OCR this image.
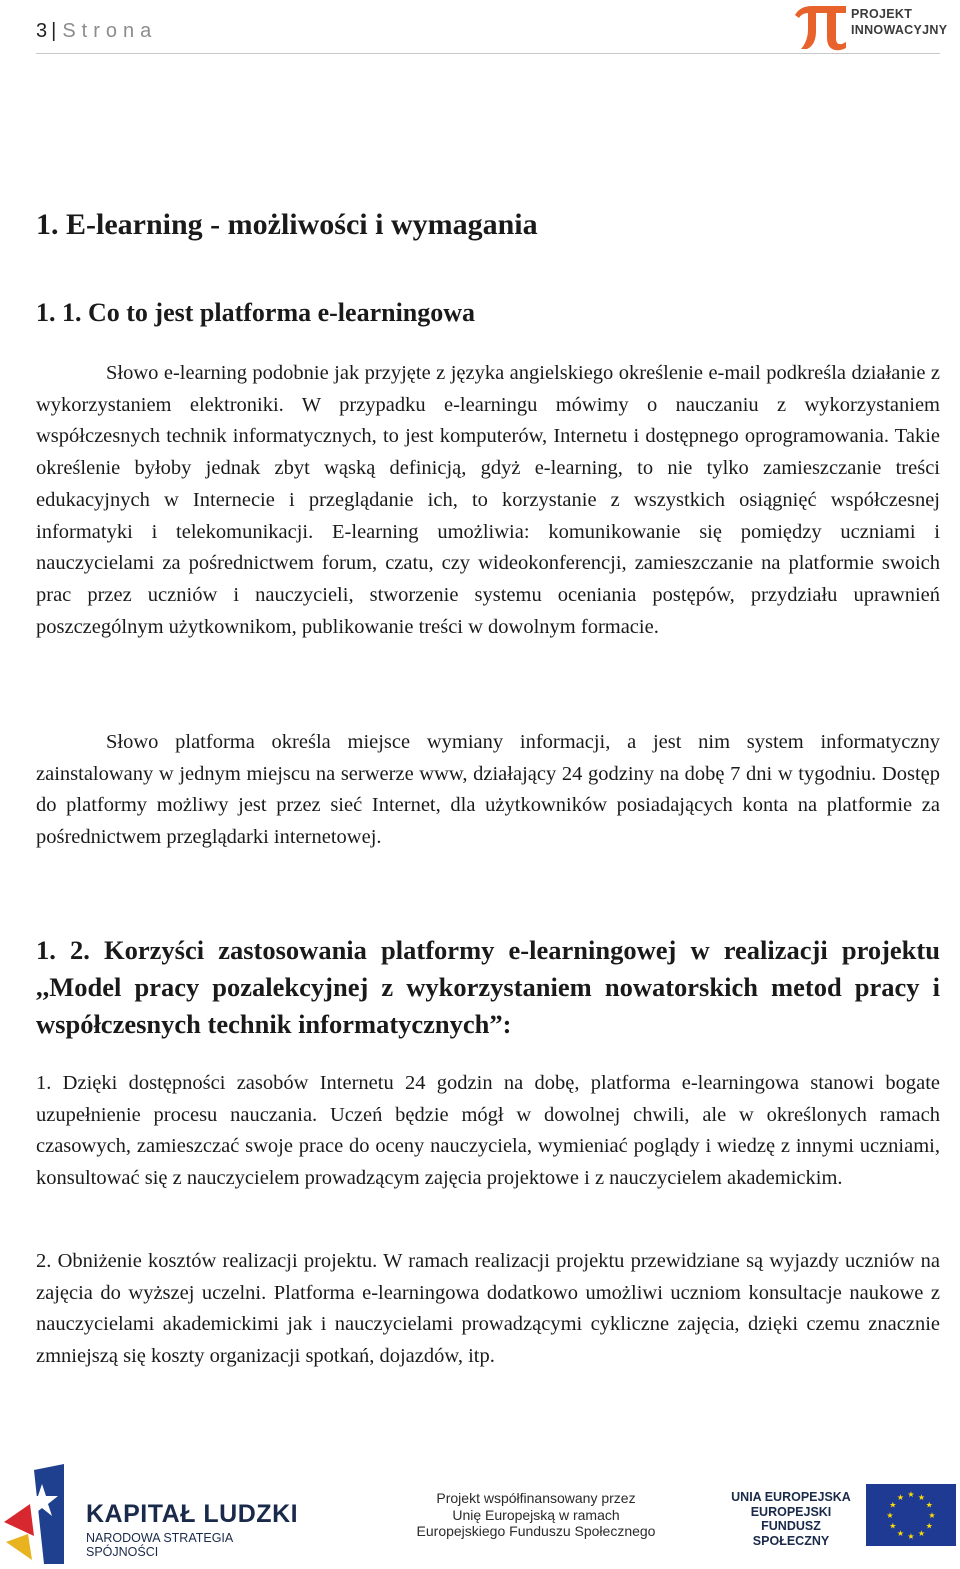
3 | Strona
PROJEKT
INNOWACYJNY
1. E-learning - możliwości i wymagania
1. 1. Co to jest platforma e-learningowa

Słowo e-learning podobnie jak przyjęte z języka angielskiego określenie e-mail podkreśla działanie z wykorzystaniem elektroniki. W przypadku e-learningu mówimy o nauczaniu z wykorzystaniem współczesnych technik informatycznych, to jest komputerów, Internetu i dostępnego oprogramowania. Takie określenie byłoby jednak zbyt wąską definicją, gdyż e-learning, to nie tylko zamieszczanie treści edukacyjnych w Internecie i przeglądanie ich, to korzystanie z wszystkich osiągnięć współczesnej informatyki i telekomunikacji. E-learning umożliwia: komunikowanie się pomiędzy uczniami i nauczycielami za pośrednictwem forum, czatu, czy wideokonferencji, zamieszczanie na platformie swoich prac przez uczniów i nauczycieli, stworzenie systemu oceniania postępów, przydziału uprawnień poszczególnym użytkownikom, publikowanie treści w dowolnym formacie.

Słowo platforma określa miejsce wymiany informacji, a jest nim system informatyczny zainstalowany w jednym miejscu na serwerze www, działający 24 godziny na dobę 7 dni w tygodniu. Dostęp do platformy możliwy jest przez sieć Internet, dla użytkowników posiadających konta na platformie za pośrednictwem przeglądarki internetowej.

1. 2. Korzyści zastosowania platformy e-learningowej w realizacji projektu ,,Model pracy pozalekcyjnej z wykorzystaniem nowatorskich metod pracy i współczesnych technik informatycznych”:

1. Dzięki dostępności zasobów Internetu 24 godzin na dobę, platforma e-learningowa stanowi bogate uzupełnienie procesu nauczania. Uczeń będzie mógł w dowolnej chwili, ale w określonych ramach czasowych, zamieszczać swoje prace do oceny nauczyciela, wymieniać poglądy i wiedzę z innymi uczniami, konsultować się z nauczycielem prowadzącym zajęcia projektowe i z nauczycielem akademickim.

2. Obniżenie kosztów realizacji projektu. W ramach realizacji projektu przewidziane są wyjazdy uczniów na zajęcia do wyższej uczelni. Platforma e-learningowa dodatkowo umożliwi uczniom konsultacje naukowe z nauczycielami akademickimi jak i nauczycielami prowadzącymi cykliczne zajęcia, dzięki czemu znacznie zmniejszą się koszty organizacji spotkań, dojazdów, itp.

KAPITAŁ LUDZKI
NARODOWA STRATEGIA SPÓJNOŚCI
Projekt współfinansowany przez
Unię Europejską w ramach
Europejskiego Funduszu Społecznego
UNIA EUROPEJSKA
EUROPEJSKI
FUNDUSZ SPOŁECZNY
★ ★
★
★
★
★
★
★
★
★
★
★
